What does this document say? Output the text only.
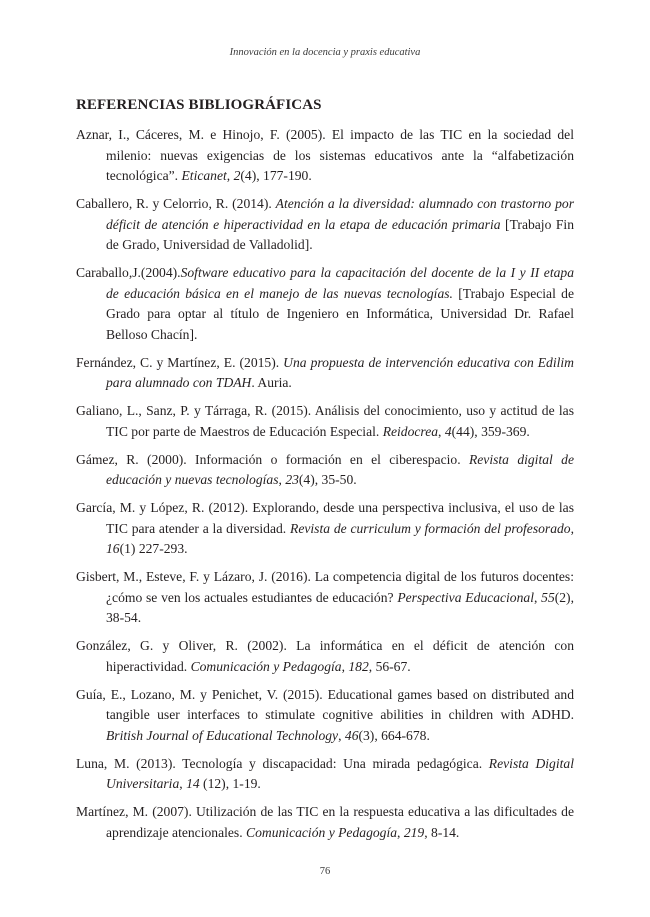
Innovación en la docencia y praxis educativa
REFERENCIAS BIBLIOGRÁFICAS
Aznar, I., Cáceres, M. e Hinojo, F. (2005). El impacto de las TIC en la sociedad del milenio: nuevas exigencias de los sistemas educativos ante la “alfabetización tecnológica”. Eticanet, 2(4), 177-190.
Caballero, R. y Celorrio, R. (2014). Atención a la diversidad: alumnado con trastorno por déficit de atención e hiperactividad en la etapa de educación primaria [Trabajo Fin de Grado, Universidad de Valladolid].
Caraballo,J.(2004).Software educativo para la capacitación del docente de la I y II etapa de educación básica en el manejo de las nuevas tecnologías. [Trabajo Especial de Grado para optar al título de Ingeniero en Informática, Universidad Dr. Rafael Belloso Chacín].
Fernández, C. y Martínez, E. (2015). Una propuesta de intervención educativa con Edilim para alumnado con TDAH. Auria.
Galiano, L., Sanz, P. y Tárraga, R. (2015). Análisis del conocimiento, uso y actitud de las TIC por parte de Maestros de Educación Especial. Reidocrea, 4(44), 359-369.
Gámez, R. (2000). Información o formación en el ciberespacio. Revista digital de educación y nuevas tecnologías, 23(4), 35-50.
García, M. y López, R. (2012). Explorando, desde una perspectiva inclusiva, el uso de las TIC para atender a la diversidad. Revista de curriculum y formación del profesorado, 16(1) 227-293.
Gisbert, M., Esteve, F. y Lázaro, J. (2016). La competencia digital de los futuros docentes: ¿cómo se ven los actuales estudiantes de educación? Perspectiva Educacional, 55(2), 38-54.
González, G. y Oliver, R. (2002). La informática en el déficit de atención con hiperactividad. Comunicación y Pedagogía, 182, 56-67.
Guía, E., Lozano, M. y Penichet, V. (2015). Educational games based on distributed and tangible user interfaces to stimulate cognitive abilities in children with ADHD. British Journal of Educational Technology, 46(3), 664-678.
Luna, M. (2013). Tecnología y discapacidad: Una mirada pedagógica. Revista Digital Universitaria, 14 (12), 1-19.
Martínez, M. (2007). Utilización de las TIC en la respuesta educativa a las dificultades de aprendizaje atencionales. Comunicación y Pedagogía, 219, 8-14.
76
